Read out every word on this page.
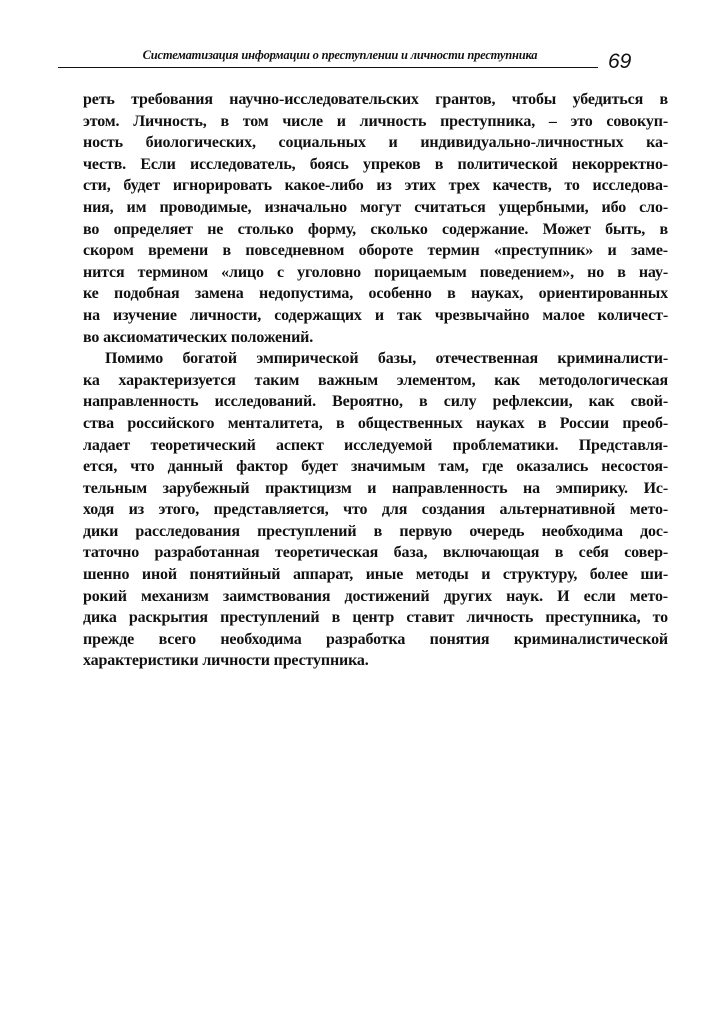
Систематизация информации о преступлении и личности преступника	69
реть требования научно-исследовательских грантов, чтобы убедиться в
этом. Личность, в том числе и личность преступника, – это совокуп-
ность биологических, социальных и индивидуально-личностных ка-
честв. Если исследователь, боясь упреков в политической некорректно-
сти, будет игнорировать какое-либо из этих трех качеств, то исследова-
ния, им проводимые, изначально могут считаться ущербными, ибо сло-
во определяет не столько форму, сколько содержание. Может быть, в
скором времени в повседневном обороте термин «преступник» и заме-
нится термином «лицо с уголовно порицаемым поведением», но в нау-
ке подобная замена недопустима, особенно в науках, ориентированных
на изучение личности, содержащих и так чрезвычайно малое количест-
во аксиоматических положений.
Помимо богатой эмпирической базы, отечественная криминалисти-
ка характеризуется таким важным элементом, как методологическая
направленность исследований. Вероятно, в силу рефлексии, как свой-
ства российского менталитета, в общественных науках в России преоб-
ладает теоретический аспект исследуемой проблематики. Представля-
ется, что данный фактор будет значимым там, где оказались несостоя-
тельным зарубежный практицизм и направленность на эмпирику. Ис-
ходя из этого, представляется, что для создания альтернативной мето-
дики расследования преступлений в первую очередь необходима дос-
таточно разработанная теоретическая база, включающая в себя совер-
шенно иной понятийный аппарат, иные методы и структуру, более ши-
рокий механизм заимствования достижений других наук. И если мето-
дика раскрытия преступлений в центр ставит личность преступника, то
прежде всего необходима разработка понятия криминалистической
характеристики личности преступника.
